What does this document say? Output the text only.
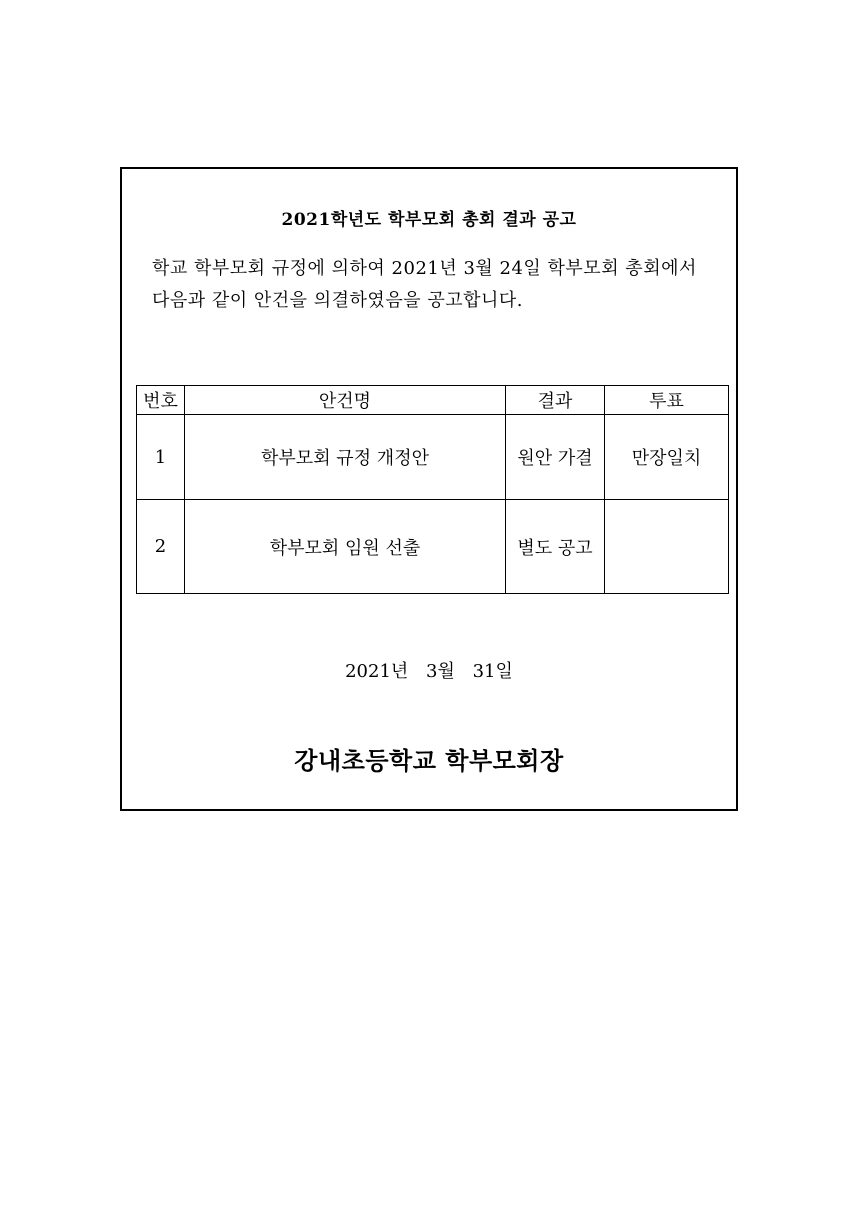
2021학년도 학부모회 총회 결과 공고

학교 학부모회 규정에 의하여 2021년 3월 24일 학부모회 총회에서 다음과 같이 안건을 의결하였음을 공고합니다.

번호	안건명	결과	투표
1	학부모회 규정 개정안	원안 가결	만장일치
2	학부모회 임원 선출	별도 공고	
2021년 3월 31일
강내초등학교 학부모회장
